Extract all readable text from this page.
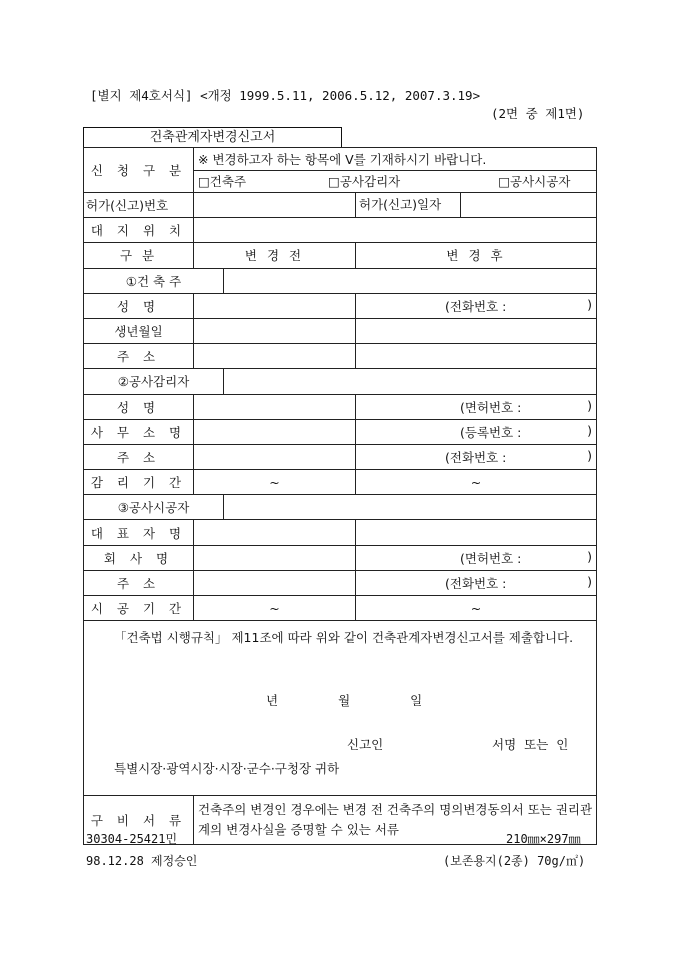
[별지 제4호서식] <개정 1999.5.11, 2006.5.12, 2007.3.19>
(2면 중 제1면)
건축관계자변경신고서
신 청 구 분	※ 변경하고자 하는 항목에 V를 기재하시기 바랍니다.		
	□건축주 □공사감리자 □공사시공자		
허가(신고)번호			허가(신고)일자
대 지 위 치			
구 분	변 경 전		변 경 후
①건 축 주			
성 명			(전화번호 : )

생년월일			
주 소			
②공사감리자			
성 명			(면허번호 : )

사 무 소 명			(등록번호 : )

주 소			(전화번호 : )

감 리 기 간	~		~
③공사시공자			
대 표 자 명			
회 사 명			(면허번호 : )

주 소			(전화번호 : )

시 공 기 간	~		~

「건축법 시행규칙」 제11조에 따라 위와 같이 건축관계자변경신고서를 제출합니다.
년 월 일
신고인 서명 또는 인
특별시장·광역시장·시장·군수·구청장 귀하			

구 비 서 류	건축주의 변경인 경우에는 변경 전 건축주의 명의변경동의서 또는 권리관계의 변경사실을 증명할 수 있는 서류		
30304-25421민	210㎜×297㎜
98.12.28 제정승인	(보존용지(2종) 70g/㎡)
